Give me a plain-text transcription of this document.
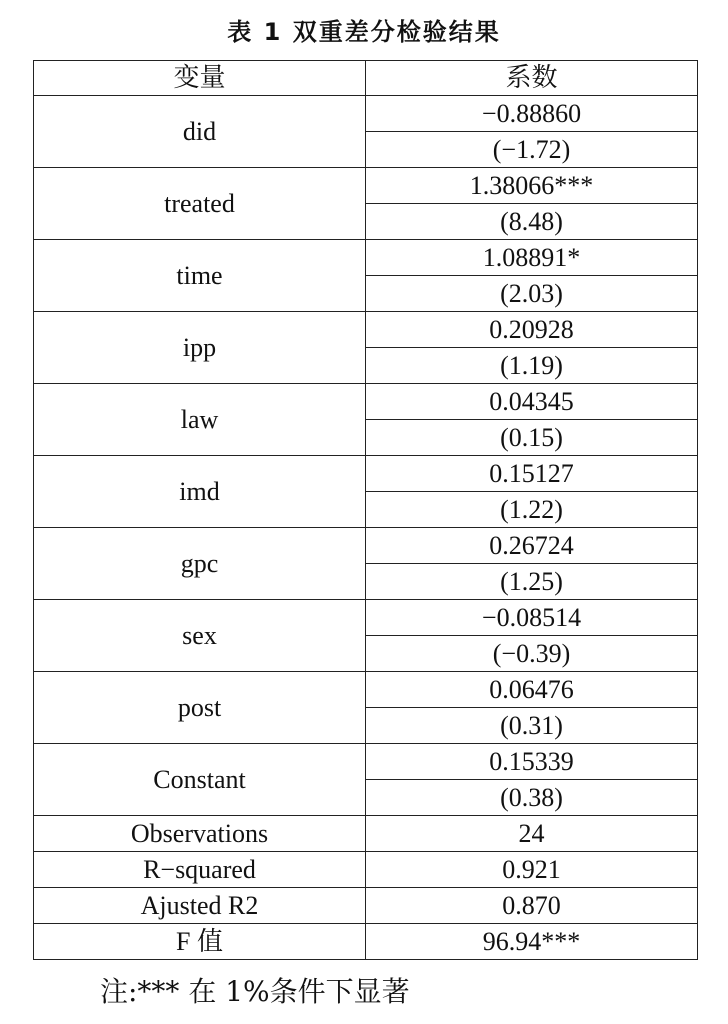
表 1 双重差分检验结果
变量	系数
did	−0.88860
	(−1.72)
treated	1.38066***
	(8.48)
time	1.08891*
	(2.03)
ipp	0.20928
	(1.19)
law	0.04345
	(0.15)
imd	0.15127
	(1.22)
gpc	0.26724
	(1.25)
sex	−0.08514
	(−0.39)
post	0.06476
	(0.31)
Constant	0.15339
	(0.38)
Observations	24
R−squared	0.921
Ajusted R2	0.870
F 值	96.94***
注:*** 在 1%条件下显著
